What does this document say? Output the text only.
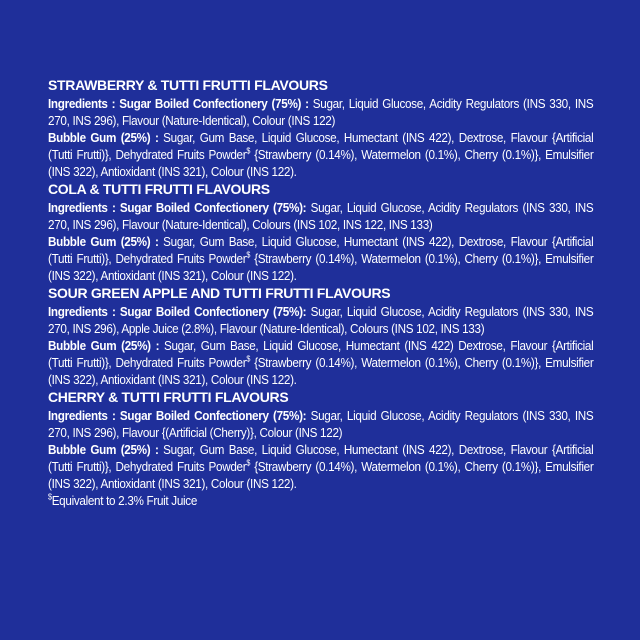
STRAWBERRY & TUTTI FRUTTI FLAVOURS

Ingredients : Sugar Boiled Confectionery (75%) : Sugar, Liquid Glucose, Acidity Regulators (INS 330, INS 270, INS 296), Flavour (Nature-Identical), Colour (INS 122)

Bubble Gum (25%) : Sugar, Gum Base, Liquid Glucose, Humectant (INS 422), Dextrose, Flavour {Artificial (Tutti Frutti)}, Dehydrated Fruits Powder$ {Strawberry (0.14%), Watermelon (0.1%), Cherry (0.1%)}, Emulsifier (INS 322), Antioxidant (INS 321), Colour (INS 122).

COLA & TUTTI FRUTTI FLAVOURS

Ingredients : Sugar Boiled Confectionery (75%): Sugar, Liquid Glucose, Acidity Regulators (INS 330, INS 270, INS 296), Flavour (Nature-Identical), Colours (INS 102, INS 122, INS 133)

Bubble Gum (25%) : Sugar, Gum Base, Liquid Glucose, Humectant (INS 422), Dextrose, Flavour {Artificial (Tutti Frutti)}, Dehydrated Fruits Powder$ {Strawberry (0.14%), Watermelon (0.1%), Cherry (0.1%)}, Emulsifier (INS 322), Antioxidant (INS 321), Colour (INS 122).

SOUR GREEN APPLE AND TUTTI FRUTTI FLAVOURS

Ingredients : Sugar Boiled Confectionery (75%): Sugar, Liquid Glucose, Acidity Regulators (INS 330, INS 270, INS 296), Apple Juice (2.8%), Flavour (Nature-Identical), Colours (INS 102, INS 133)

Bubble Gum (25%) : Sugar, Gum Base, Liquid Glucose, Humectant (INS 422) Dextrose, Flavour {Artificial (Tutti Frutti)}, Dehydrated Fruits Powder$ {Strawberry (0.14%), Watermelon (0.1%), Cherry (0.1%)}, Emulsifier (INS 322), Antioxidant (INS 321), Colour (INS 122).

CHERRY & TUTTI FRUTTI FLAVOURS

Ingredients : Sugar Boiled Confectionery (75%): Sugar, Liquid Glucose, Acidity Regulators (INS 330, INS 270, INS 296), Flavour {(Artificial (Cherry)}, Colour (INS 122)

Bubble Gum (25%) : Sugar, Gum Base, Liquid Glucose, Humectant (INS 422), Dextrose, Flavour {Artificial (Tutti Frutti)}, Dehydrated Fruits Powder$ {Strawberry (0.14%), Watermelon (0.1%), Cherry (0.1%)}, Emulsifier (INS 322), Antioxidant (INS 321), Colour (INS 122).

$Equivalent to 2.3% Fruit Juice
